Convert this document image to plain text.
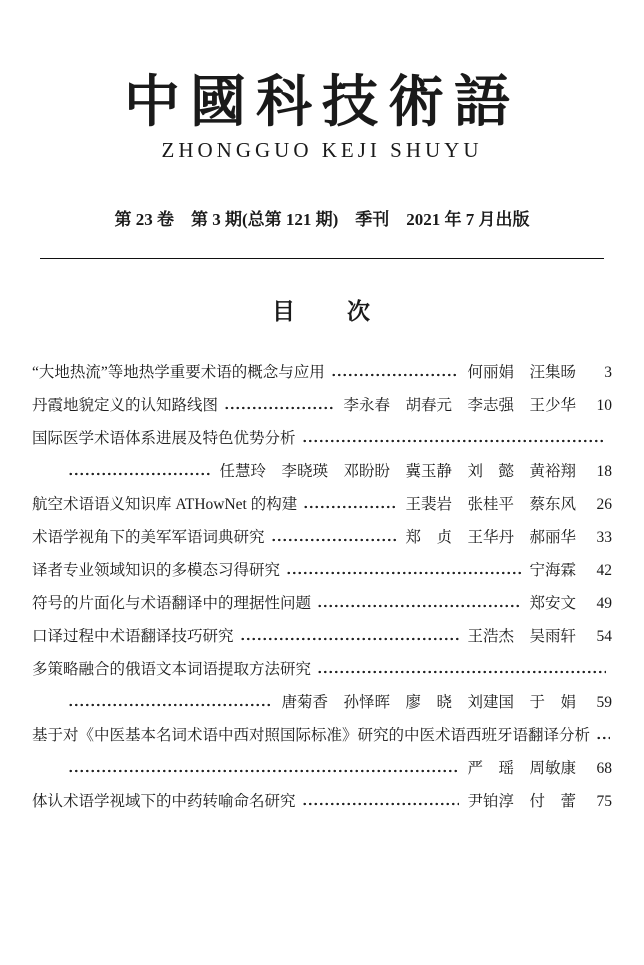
中國科技術語
ZHONGGUO KEJI SHUYU
第 23 卷　第 3 期(总第 121 期)　季刊　2021 年 7 月出版
目　　次
“大地热流”等地热学重要术语的概念与应用	何丽娟　汪集旸	3
丹霞地貌定义的认知路线图	李永春　胡春元　李志强　王少华	10
国际医学术语体系进展及特色优势分析
任慧玲　李晓瑛　邓盼盼　冀玉静　刘　懿　黄裕翔	18
航空术语语义知识库 ATHowNet 的构建	王裴岩　张桂平　蔡东风	26
术语学视角下的美军军语词典研究	郑　贞　王华丹　郝丽华	33
译者专业领域知识的多模态习得研究	宁海霖	42
符号的片面化与术语翻译中的理据性问题	郑安文	49
口译过程中术语翻译技巧研究	王浩杰　吴雨轩	54
多策略融合的俄语文本词语提取方法研究
唐菊香　孙怿晖　廖　晓　刘建国　于　娟	59
基于对《中医基本名词术语中西对照国际标准》研究的中医术语西班牙语翻译分析
严　瑶　周敏康	68
体认术语学视域下的中药转喻命名研究	尹铂淳　付　蕾	75
